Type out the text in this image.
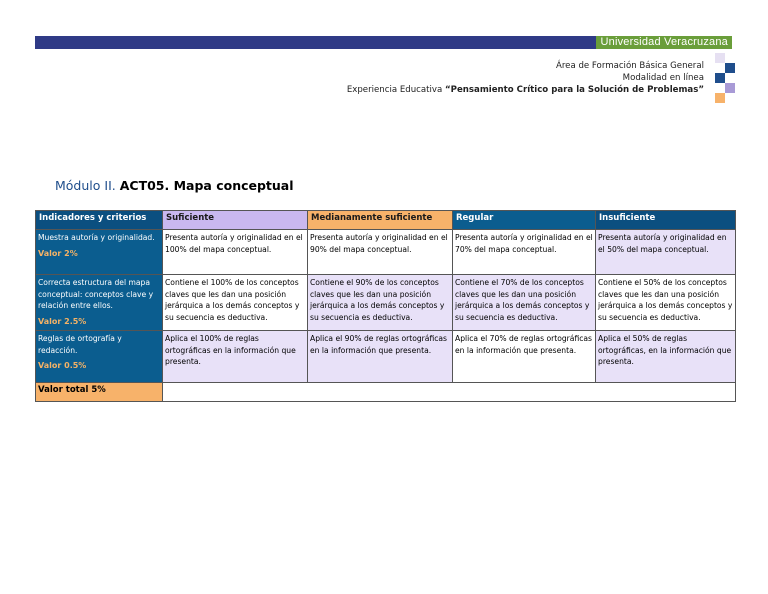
Universidad Veracruzana
Área de Formación Básica General
Modalidad en línea
Experiencia Educativa “Pensamiento Crítico para la Solución de Problemas”
Módulo II. ACT05. Mapa conceptual
Indicadores y criterios	Suficiente	Medianamente suficiente	Regular	Insuficiente
Muestra autoría y originalidad.
Valor 2%	Presenta autoría y originalidad en el 100% del mapa conceptual.	Presenta autoría y originalidad en el 90% del mapa conceptual.	Presenta autoría y originalidad en el 70% del mapa conceptual.	Presenta autoría y originalidad en el 50% del mapa conceptual.
Correcta estructura del mapa conceptual: conceptos clave y relación entre ellos.
Valor 2.5%	Contiene el 100% de los conceptos claves que les dan una posición jerárquica a los demás conceptos y su secuencia es deductiva.	Contiene el 90% de los conceptos claves que les dan una posición jerárquica a los demás conceptos y su secuencia es deductiva.	Contiene el 70% de los conceptos claves que les dan una posición jerárquica a los demás conceptos y su secuencia es deductiva.	Contiene el 50% de los conceptos claves que les dan una posición jerárquica a los demás conceptos y su secuencia es deductiva.
Reglas de ortografía y redacción.
Valor 0.5%	Aplica el 100% de reglas ortográficas en la información que presenta.	Aplica el 90% de reglas ortográficas en la información que presenta.	Aplica el 70% de reglas ortográficas en la información que presenta.	Aplica el 50% de reglas ortográficas, en la información que presenta.
Valor total 5%				
